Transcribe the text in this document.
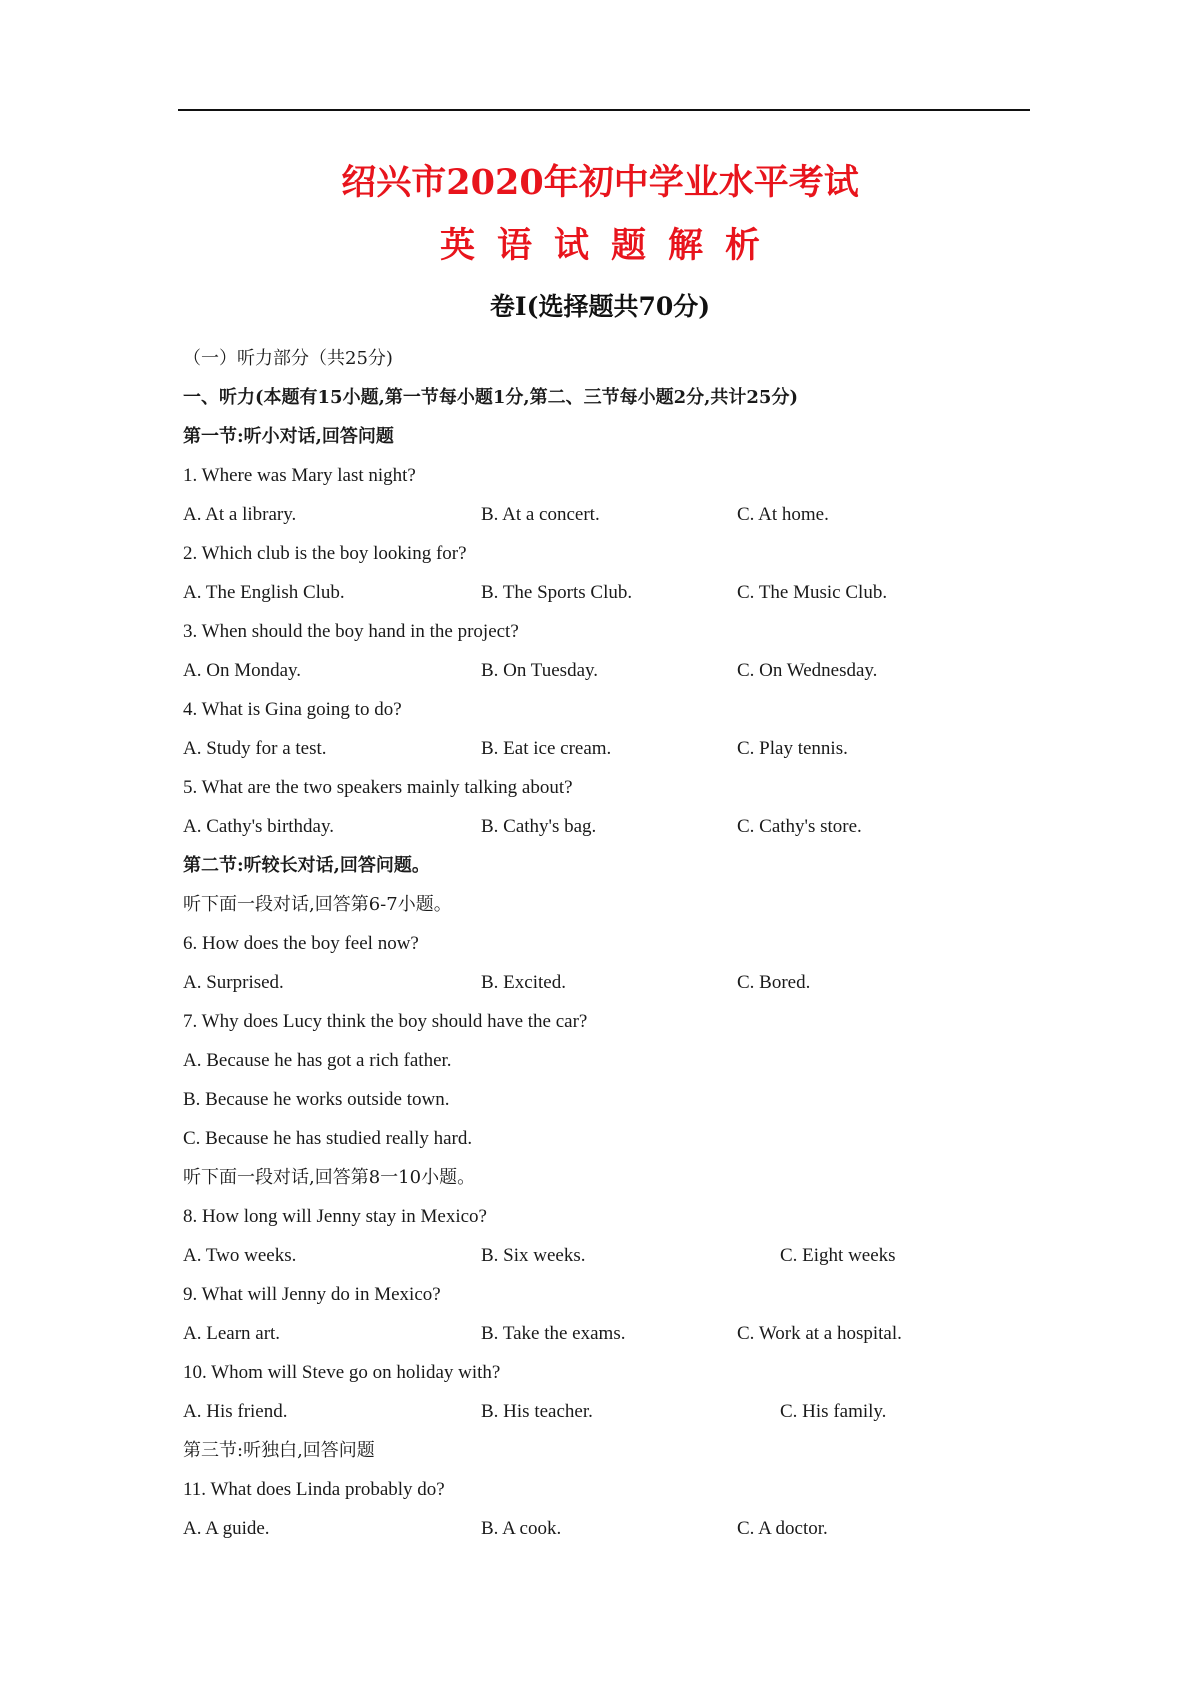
绍兴市2020年初中学业水平考试
英语试题解析
卷I(选择题共70分)
（一）听力部分（共25分)
一、听力(本题有15小题,第一节每小题1分,第二、三节每小题2分,共计25分)
第一节:听小对话,回答问题
1. Where was Mary last night?
A. At a library.	B. At a concert.	C. At home.
2. Which club is the boy looking for?
A. The English Club.	B. The Sports Club.	C. The Music Club.
3. When should the boy hand in the project?
A. On Monday.	B. On Tuesday.	C. On Wednesday.
4. What is Gina going to do?
A. Study for a test.	B. Eat ice cream.	C. Play tennis.
5. What are the two speakers mainly talking about?
A. Cathy's birthday.	B. Cathy's bag.	C. Cathy's store.
第二节:听较长对话,回答问题。
听下面一段对话,回答第6-7小题。
6. How does the boy feel now?
A. Surprised.	B. Excited.	C. Bored.
7. Why does Lucy think the boy should have the car?
A. Because he has got a rich father.
B. Because he works outside town.
C. Because he has studied really hard.
听下面一段对话,回答第8一10小题。
8. How long will Jenny stay in Mexico?
A. Two weeks.	B. Six weeks.	C. Eight weeks
9. What will Jenny do in Mexico?
A. Learn art.	B. Take the exams.	C. Work at a hospital.
10. Whom will Steve go on holiday with?
A. His friend.	B. His teacher.	C. His family.
第三节:听独白,回答问题
11. What does Linda probably do?
A. A guide.	B. A cook.	C. A doctor.
